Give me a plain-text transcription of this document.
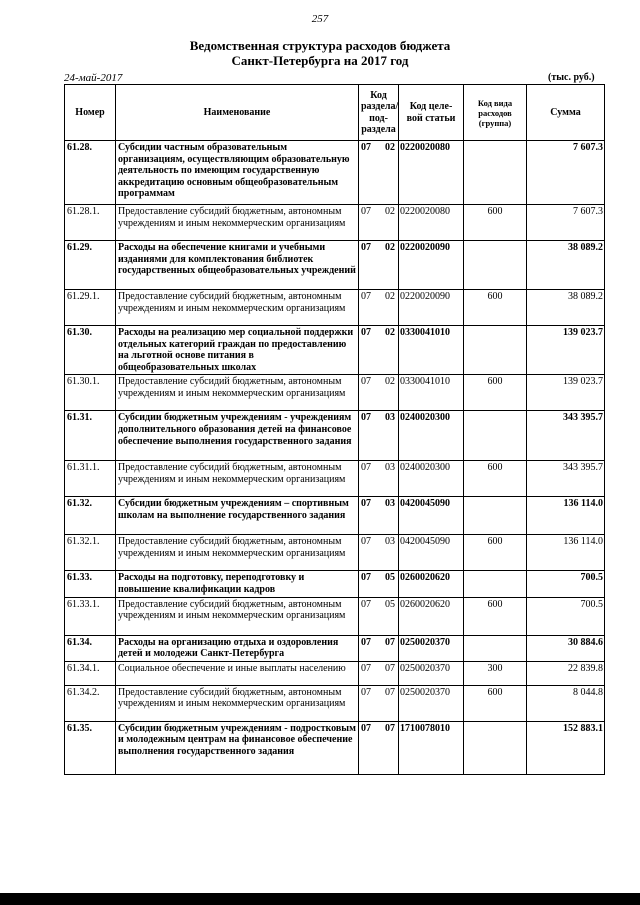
257
Ведомственная структура расходов бюджета
Санкт-Петербурга на 2017 год
24-май-2017	(тыс. руб.)
Номер	Наименование	Код раздела/ под- раздела		Код целе- вой статьи	Код вида расходов (группа)	Сумма
61.28.	Субсидии частным образовательным организациям, осуществляющим образовательную деятельность по имеющим государственную аккредитацию основным общеобразовательным программам	07	02	0220020080		7 607.3
61.28.1.	Предоставление субсидий бюджетным, автономным учреждениям и иным некоммерческим организациям	07	02	0220020080	600	7 607.3
61.29.	Расходы на обеспечение книгами и учебными изданиями для комплектования библиотек государственных общеобразовательных учреждений	07	02	0220020090		38 089.2
61.29.1.	Предоставление субсидий бюджетным, автономным учреждениям и иным некоммерческим организациям	07	02	0220020090	600	38 089.2
61.30.	Расходы на реализацию мер социальной поддержки отдельных категорий граждан по предоставлению на льготной основе питания в общеобразовательных школах	07	02	0330041010		139 023.7
61.30.1.	Предоставление субсидий бюджетным, автономным учреждениям и иным некоммерческим организациям	07	02	0330041010	600	139 023.7
61.31.	Субсидии бюджетным учреждениям - учреждениям дополнительного образования детей на финансовое обеспечение выполнения государственного задания	07	03	0240020300		343 395.7
61.31.1.	Предоставление субсидий бюджетным, автономным учреждениям и иным некоммерческим организациям	07	03	0240020300	600	343 395.7
61.32.	Субсидии бюджетным учреждениям – спортивным школам на выполнение государственного задания	07	03	0420045090		136 114.0
61.32.1.	Предоставление субсидий бюджетным, автономным учреждениям и иным некоммерческим организациям	07	03	0420045090	600	136 114.0
61.33.	Расходы на подготовку, переподготовку и повышение квалификации кадров	07	05	0260020620		700.5
61.33.1.	Предоставление субсидий бюджетным, автономным учреждениям и иным некоммерческим организациям	07	05	0260020620	600	700.5
61.34.	Расходы на организацию отдыха и оздоровления детей и молодежи Санкт-Петербурга	07	07	0250020370		30 884.6
61.34.1.	Социальное обеспечение и иные выплаты населению	07	07	0250020370	300	22 839.8
61.34.2.	Предоставление субсидий бюджетным, автономным учреждениям и иным некоммерческим организациям	07	07	0250020370	600	8 044.8
61.35.	Субсидии бюджетным учреждениям - подростковым и молодежным центрам на финансовое обеспечение выполнения государственного задания	07	07	1710078010		152 883.1
